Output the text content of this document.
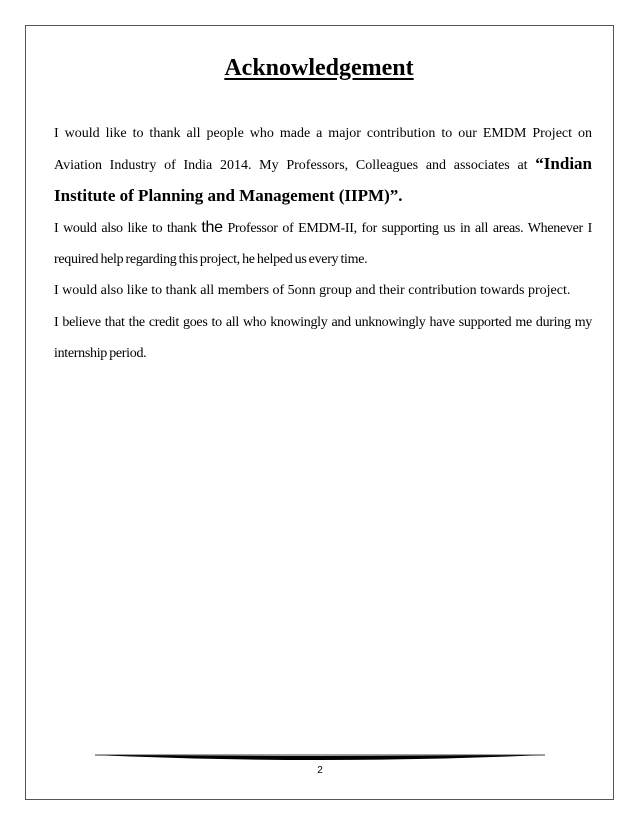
Acknowledgement

I would like to thank all people who made a major contribution to our EMDM Project on Aviation Industry of India 2014. My Professors, Colleagues and associates at “Indian Institute of Planning and Management (IIPM)”.

I would also like to thank the Professor of EMDM-II, for supporting us in all areas. Whenever I required help regarding this project, he helped us every time.

I would also like to thank all members of 5onn group and their contribution towards project.

I believe that the credit goes to all who knowingly and unknowingly have supported me during my internship period.

2
